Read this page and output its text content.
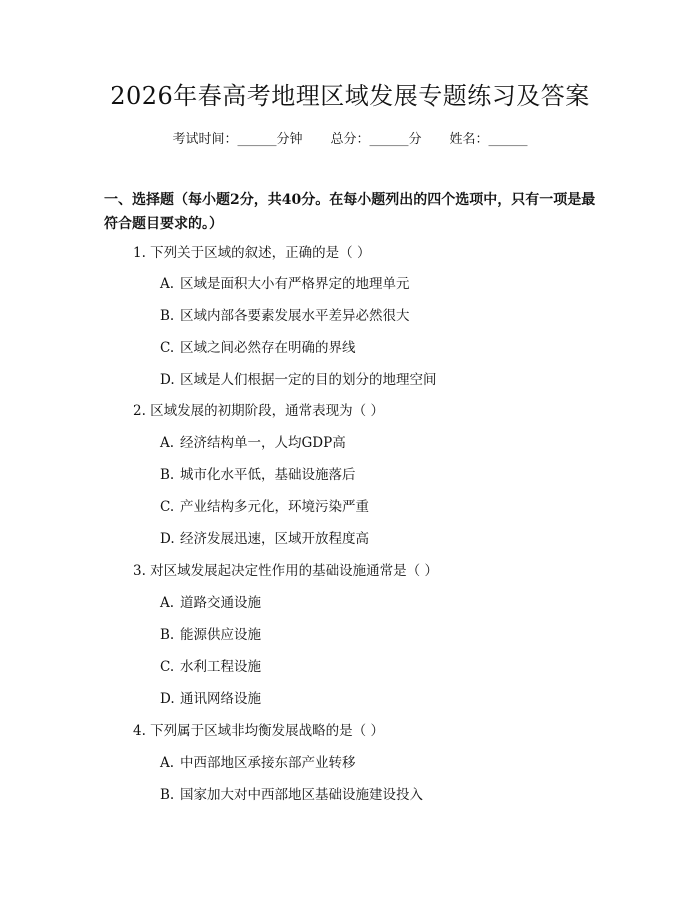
2026年春高考地理区域发展专题练习及答案
考试时间：______分钟 总分：______分 姓名：______
一、选择题（每小题2分，共40分。在每小题列出的四个选项中，只有一项是最符合题目要求的。）
1. 下列关于区域的叙述，正确的是（ ）
A. 区域是面积大小有严格界定的地理单元
B. 区域内部各要素发展水平差异必然很大
C. 区域之间必然存在明确的界线
D. 区域是人们根据一定的目的划分的地理空间
2. 区域发展的初期阶段，通常表现为（ ）
A. 经济结构单一，人均GDP高
B. 城市化水平低，基础设施落后
C. 产业结构多元化，环境污染严重
D. 经济发展迅速，区域开放程度高
3. 对区域发展起决定性作用的基础设施通常是（ ）
A. 道路交通设施
B. 能源供应设施
C. 水利工程设施
D. 通讯网络设施
4. 下列属于区域非均衡发展战略的是（ ）
A. 中西部地区承接东部产业转移
B. 国家加大对中西部地区基础设施建设投入
